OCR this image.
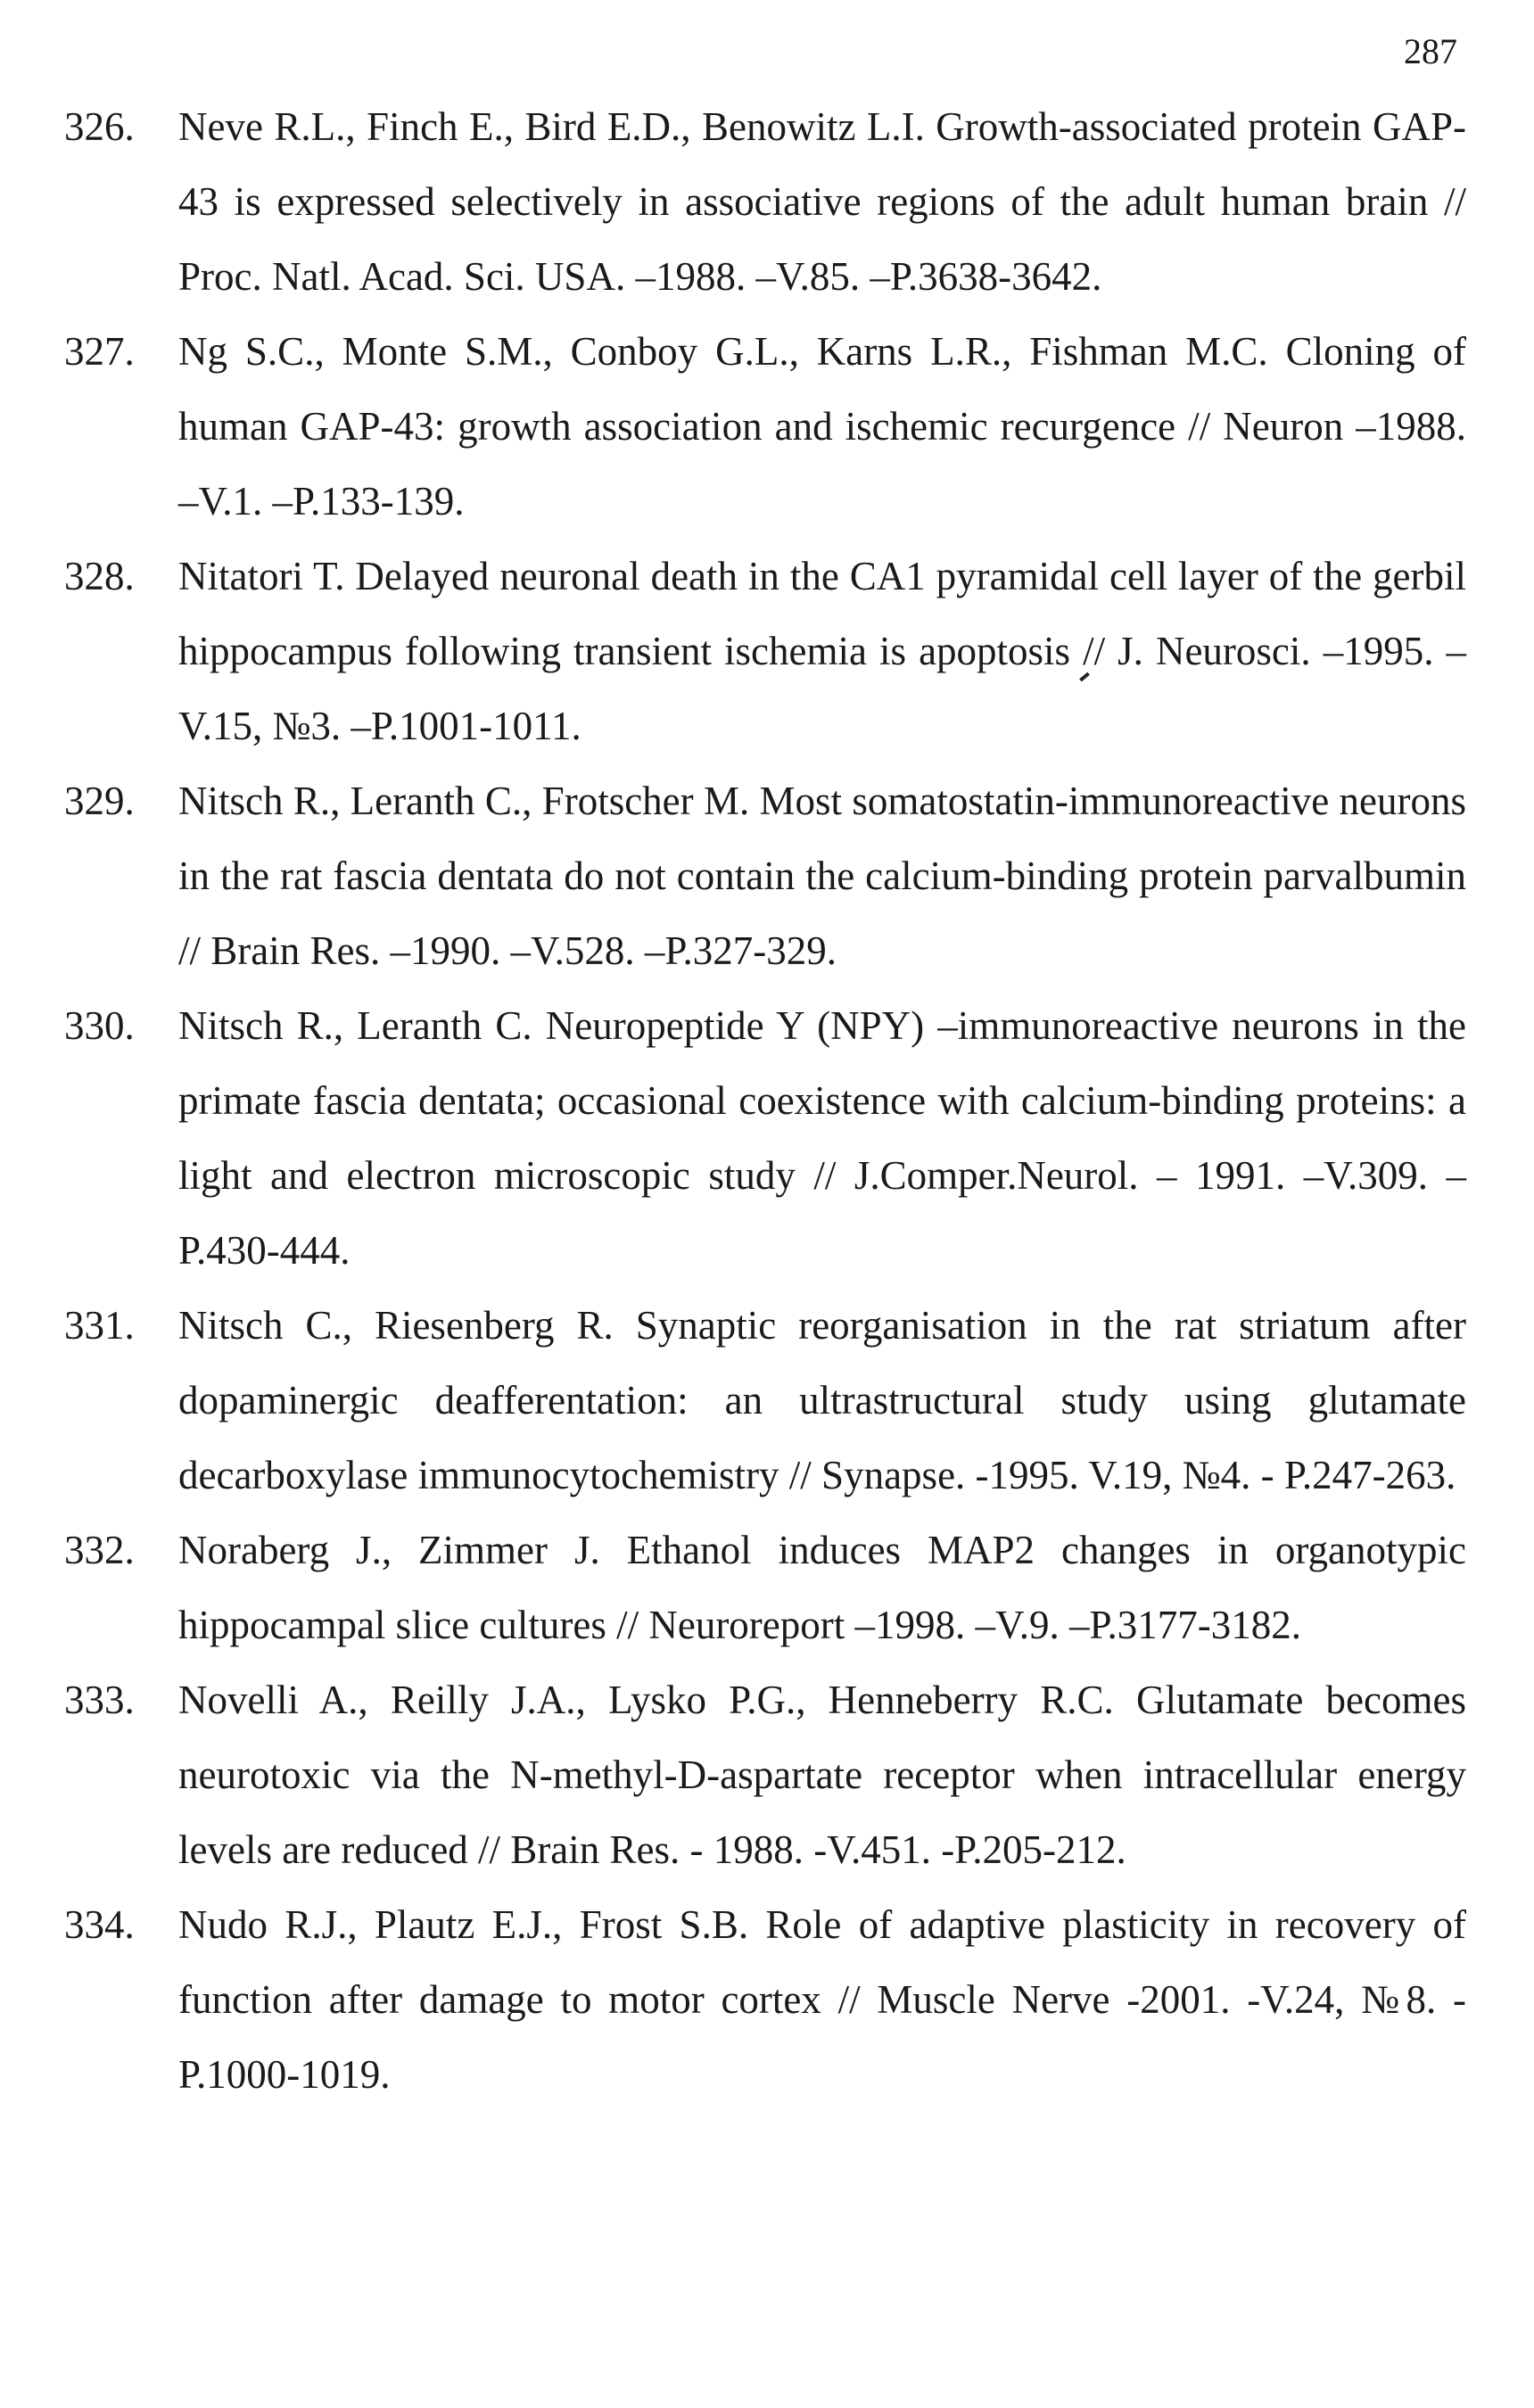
287
326.	Neve R.L., Finch E., Bird E.D., Benowitz L.I. Growth-associated protein GAP-43 is expressed selectively in associative regions of the adult human brain // Proc. Natl. Acad. Sci. USA. –1988. –V.85. –P.3638-3642.

327.	Ng S.C., Monte S.M., Conboy G.L., Karns L.R., Fishman M.C. Cloning of human GAP-43: growth association and ischemic recurgence // Neuron –1988. –V.1. –P.133-139.

328.	Nitatori T. Delayed neuronal death in the CA1 pyramidal cell layer of the gerbil hippocampus following transient ischemia is apoptosis // J. Neurosci. –1995. –V.15, №3. –P.1001-1011.

329.	Nitsch R., Leranth C., Frotscher M. Most somatostatin-immunoreactive neurons in the rat fascia dentata do not contain the calcium-binding protein parvalbumin // Brain Res. –1990. –V.528. –P.327-329.

330.	Nitsch R., Leranth C. Neuropeptide Y (NPY) –immunoreactive neurons in the primate fascia dentata; occasional coexistence with calcium-binding proteins: a light and electron microscopic study // J.Comper.Neurol. – 1991. –V.309. –P.430-444.

331.	Nitsch C., Riesenberg R. Synaptic reorganisation in the rat striatum after dopaminergic deafferentation: an ultrastructural study using glutamate decarboxylase immunocytochemistry // Synapse. -1995. V.19, №4. - P.247-263.

332.	Noraberg J., Zimmer J. Ethanol induces MAP2 changes in organotypic hippocampal slice cultures // Neuroreport –1998. –V.9. –P.3177-3182.

333.	Novelli A., Reilly J.A., Lysko P.G., Henneberry R.C. Glutamate becomes neurotoxic via the N-methyl-D-aspartate receptor when intracellular energy levels are reduced // Brain Res. - 1988. -V.451. -P.205-212.

334.	Nudo R.J., Plautz E.J., Frost S.B. Role of adaptive plasticity in recovery of function after damage to motor cortex // Muscle Nerve -2001. -V.24, №8. -P.1000-1019.
